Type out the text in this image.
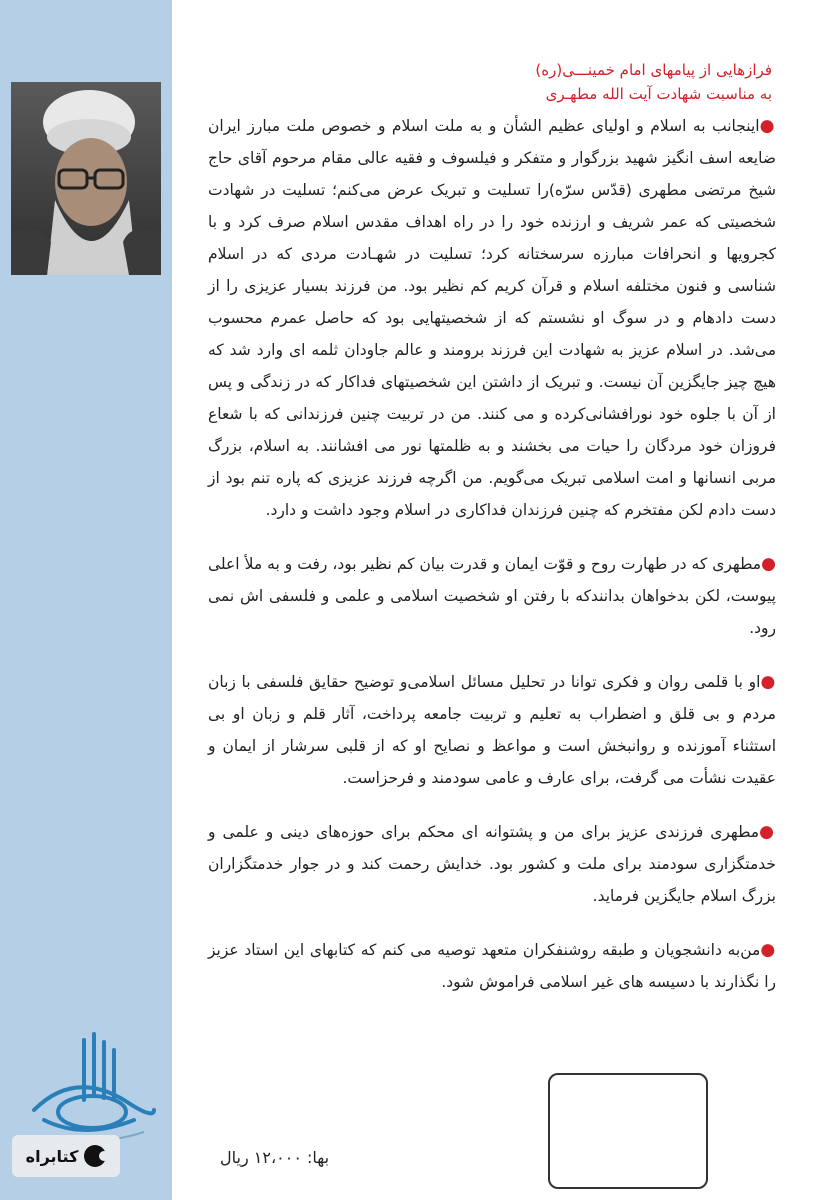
فرازهایی از پیامهای امام خمینـــی(ره)
به مناسبت شهادت آیت الله مطهـری

●اینجانب به اسلام و اولیای عظیم الشأن و به ملت اسلام و خصوص ملت مبارز ایران ضایعه اسف انگیز شهید بزرگوار و متفکر و فیلسوف و فقیه عالی مقام مرحوم آقای حاج شیخ مرتضی مطهری (قدّس سرّه)را تسلیت و تبریک عرض می‌کنم؛ تسلیت در شهادت شخصیتی که عمر شریف و ارزنده خود را در راه اهداف مقدس اسلام صرف کرد و با کجرویها و انحرافات مبارزه سرسختانه کرد؛ تسلیت در شهـادت مردی که در اسلام شناسی و فنون مختلفه اسلام و قرآن کریم کم نظیر بود. من فرزند بسیار عزیزی را از دست دادهام و در سوگ او نشستم که از شخصیتهایی بود که حاصل عمرم محسوب می‌شد. در اسلام عزیز به شهادت این فرزند برومند و عالم جاودان ثلمه ای وارد شد که هیچ چیز جایگزین آن نیست. و تبریک از داشتن این شخصیتهای فداکار که در زندگی و پس از آن با جلوه خود نورافشانی‌کرده و می کنند. من در تربیت چنین فرزندانی که با شعاع فروزان خود مردگان را حیات می بخشند و به ظلمتها نور می افشانند. به اسلام، بزرگ مربی انسانها و امت اسلامی تبریک می‌گویم. من اگرچه فرزند عزیزی که پاره تنم بود از دست دادم لکن مفتخرم که چنین فرزندان فداکاری در اسلام وجود داشت و دارد.

●مطهری که در طهارت روح و قوّت ایمان و قدرت بیان کم نظیر بود، رفت و به ملأ اعلی پیوست، لکن بدخواهان بدانندکه با رفتن او شخصیت اسلامی و علمی و فلسفی اش نمی رود.

●او با قلمی روان و فکری توانا در تحلیل مسائل اسلامی‌و توضیح حقایق فلسفی با زبان مردم و بی قلق و اضطراب به تعلیم و تربیت جامعه پرداخت، آثار قلم و زبان او بی استثناء آموزنده و روانبخش است و مواعظ و نصایح او که از قلبی سرشار از ایمان و عقیدت نشأت می گرفت، برای عارف و عامی سودمند و فرحزاست.

●مطهری فرزندی عزیز برای من و پشتوانه ای محکم برای حوزه‌های دینی و علمی و خدمتگزاری سودمند برای ملت و کشور بود. خدایش رحمت کند و در جوار خدمتگزاران بزرگ اسلام جایگزین فرماید.

●من‌به دانشجویان و طبقه روشنفکران متعهد توصیه می کنم که کتابهای این استاد عزیز را نگذارند با دسیسه های غیر اسلامی فراموش شود.

بها: ۱۲،۰۰۰ ریال
کتابراه
